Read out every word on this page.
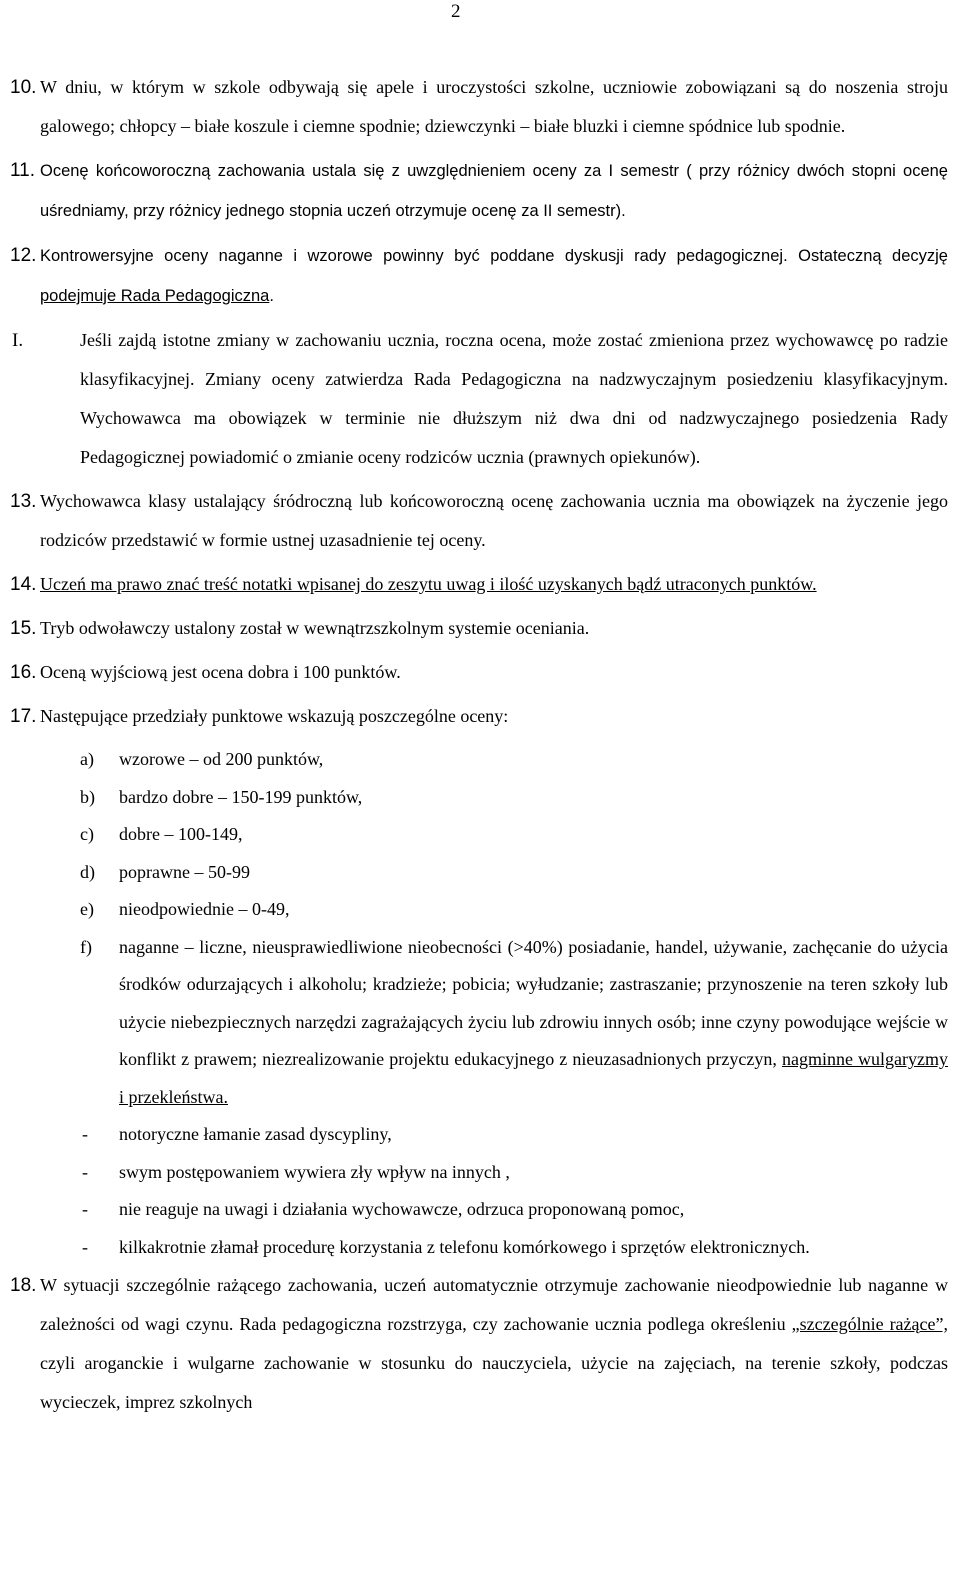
2
10. W dniu, w którym w szkole odbywają się apele i uroczystości szkolne, uczniowie zobowiązani są do noszenia stroju galowego; chłopcy – białe koszule i ciemne spodnie; dziewczynki – białe bluzki i ciemne spódnice lub spodnie.
11. Ocenę końcoworoczną zachowania ustala się z uwzględnieniem oceny za I semestr ( przy różnicy dwóch stopni ocenę uśredniamy, przy różnicy jednego stopnia uczeń otrzymuje ocenę za II semestr).
12. Kontrowersyjne oceny naganne i wzorowe powinny być poddane dyskusji rady pedagogicznej. Ostateczną decyzję podejmuje Rada Pedagogiczna.
I.	Jeśli zajdą istotne zmiany w zachowaniu ucznia, roczna ocena, może zostać zmieniona przez wychowawcę po radzie klasyfikacyjnej. Zmiany oceny zatwierdza Rada Pedagogiczna na nadzwyczajnym posiedzeniu klasyfikacyjnym. Wychowawca ma obowiązek w terminie nie dłuższym niż dwa dni od nadzwyczajnego posiedzenia Rady Pedagogicznej powiadomić o zmianie oceny rodziców ucznia (prawnych opiekunów).
13. Wychowawca klasy ustalający śródroczną lub końcoworoczną ocenę zachowania ucznia ma obowiązek na życzenie jego rodziców przedstawić w formie ustnej uzasadnienie tej oceny.
14. Uczeń ma prawo znać treść notatki wpisanej do zeszytu uwag i ilość uzyskanych bądź utraconych punktów.
15. Tryb odwoławczy ustalony został w wewnątrzszkolnym systemie oceniania.
16. Oceną wyjściową jest ocena dobra i 100 punktów.
17. Następujące przedziały punktowe wskazują poszczególne oceny:
a) wzorowe – od 200 punktów,
b) bardzo dobre – 150-199 punktów,
c) dobre – 100-149,
d) poprawne – 50-99
e) nieodpowiednie – 0-49,
f) naganne – liczne, nieusprawiedliwione nieobecności (>40%) posiadanie, handel, używanie, zachęcanie do użycia środków odurzających i alkoholu; kradzieże; pobicia; wyłudzanie; zastraszanie; przynoszenie na teren szkoły lub użycie niebezpiecznych narzędzi zagrażających życiu lub zdrowiu innych osób; inne czyny powodujące wejście w konflikt z prawem; niezrealizowanie projektu edukacyjnego z nieuzasadnionych przyczyn, nagminne wulgaryzmy i przekleństwa.
- notoryczne łamanie zasad dyscypliny,
- swym postępowaniem wywiera zły wpływ na innych ,
- nie reaguje na uwagi i działania wychowawcze, odrzuca proponowaną pomoc,
- kilkakrotnie złamał procedurę korzystania z telefonu komórkowego i sprzętów elektronicznych.
18. W sytuacji szczególnie rażącego zachowania, uczeń automatycznie otrzymuje zachowanie nieodpowiednie lub naganne w zależności od wagi czynu. Rada pedagogiczna rozstrzyga, czy zachowanie ucznia podlega określeniu „szczególnie rażące”, czyli aroganckie i wulgarne zachowanie w stosunku do nauczyciela, użycie na zajęciach, na terenie szkoły, podczas wycieczek, imprez szkolnych
